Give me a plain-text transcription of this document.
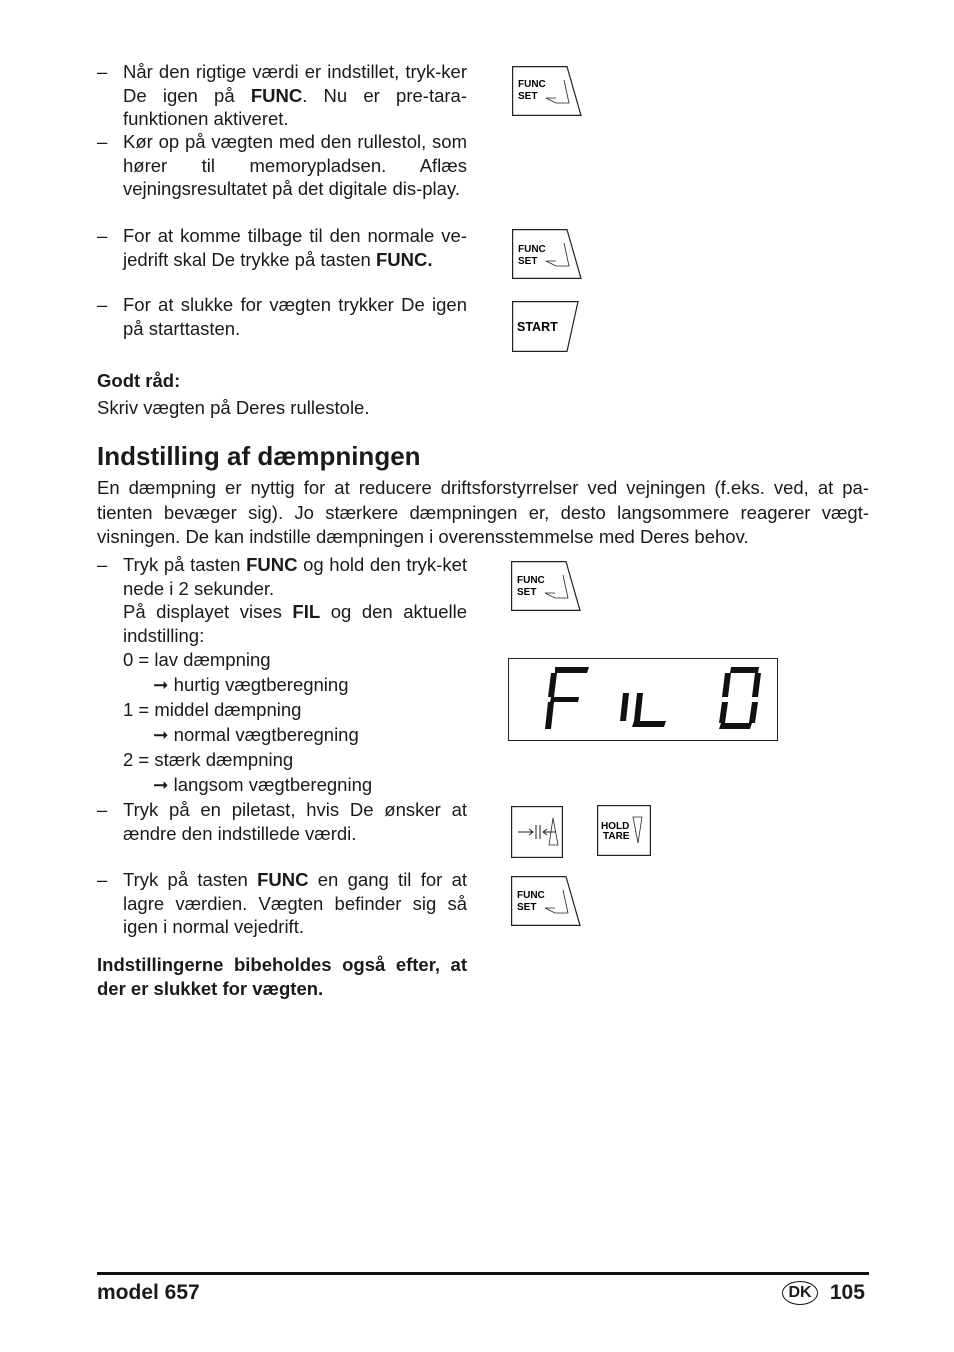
– Når den rigtige værdi er indstillet, tryk-ker De igen på FUNC. Nu er pre-tara-funktionen aktiveret.
– Kør op på vægten med den rullestol, som hører til memorypladsen. Aflæs vejningsresultatet på det digitale dis-play.
– For at komme tilbage til den normale ve-jedrift skal De trykke på tasten FUNC.
– For at slukke for vægten trykker De igen på starttasten.
FUNC
SET
FUNC
SET
START
Godt råd:
Skriv vægten på Deres rullestole.
Indstilling af dæmpningen
En dæmpning er nyttig for at reducere driftsforstyrrelser ved vejningen (f.eks. ved, at pa-tienten bevæger sig). Jo stærkere dæmpningen er, desto langsommere reagerer vægt-visningen. De kan indstille dæmpningen i overensstemmelse med Deres behov.
– Tryk på tasten FUNC og hold den tryk-ket nede i 2 sekunder.
På displayet vises FIL og den aktuelle indstilling:
0 = lav dæmpning
➞ hurtig vægtberegning
1 = middel dæmpning
➞ normal vægtberegning
2 = stærk dæmpning
➞ langsom vægtberegning
– Tryk på en piletast, hvis De ønsker at ændre den indstillede værdi.
– Tryk på tasten FUNC en gang til for at lagre værdien. Vægten befinder sig så igen i normal vejedrift.
Indstillingerne bibeholdes også efter, at der er slukket for vægten.
FUNC
SET
HOLD
TARE
FUNC
SET
model 657	DK 105
